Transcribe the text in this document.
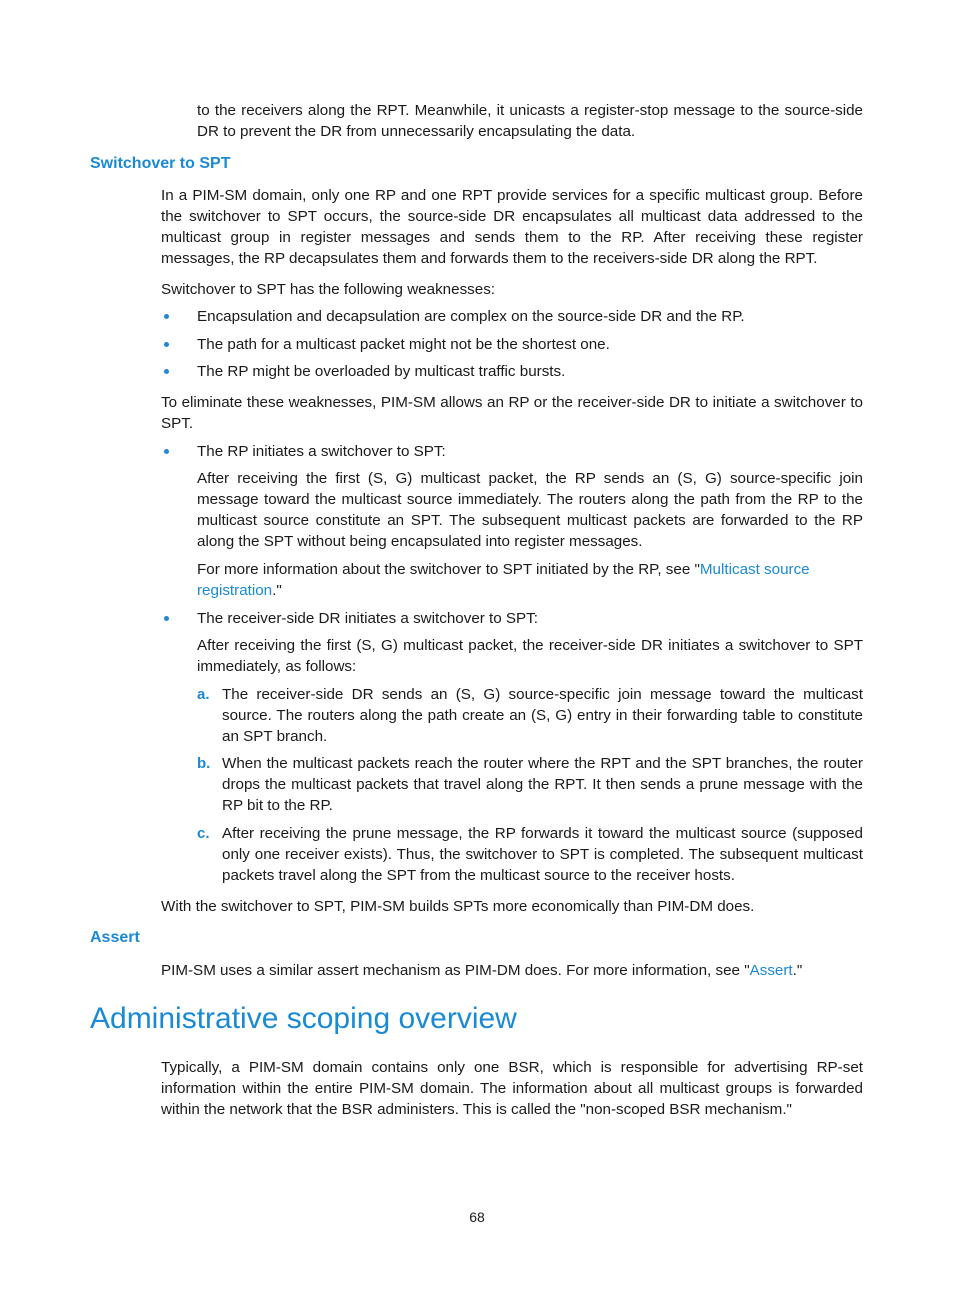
to the receivers along the RPT. Meanwhile, it unicasts a register-stop message to the source-side DR to prevent the DR from unnecessarily encapsulating the data.

Switchover to SPT

In a PIM-SM domain, only one RP and one RPT provide services for a specific multicast group. Before the switchover to SPT occurs, the source-side DR encapsulates all multicast data addressed to the multicast group in register messages and sends them to the RP. After receiving these register messages, the RP decapsulates them and forwards them to the receivers-side DR along the RPT.

Switchover to SPT has the following weaknesses:

Encapsulation and decapsulation are complex on the source-side DR and the RP.

The path for a multicast packet might not be the shortest one.

The RP might be overloaded by multicast traffic bursts.

To eliminate these weaknesses, PIM-SM allows an RP or the receiver-side DR to initiate a switchover to SPT.

The RP initiates a switchover to SPT:

After receiving the first (S, G) multicast packet, the RP sends an (S, G) source-specific join message toward the multicast source immediately. The routers along the path from the RP to the multicast source constitute an SPT. The subsequent multicast packets are forwarded to the RP along the SPT without being encapsulated into register messages.

For more information about the switchover to SPT initiated by the RP, see "Multicast source registration."

The receiver-side DR initiates a switchover to SPT:

After receiving the first (S, G) multicast packet, the receiver-side DR initiates a switchover to SPT immediately, as follows:

a. The receiver-side DR sends an (S, G) source-specific join message toward the multicast source. The routers along the path create an (S, G) entry in their forwarding table to constitute an SPT branch.

b. When the multicast packets reach the router where the RPT and the SPT branches, the router drops the multicast packets that travel along the RPT. It then sends a prune message with the RP bit to the RP.

c. After receiving the prune message, the RP forwards it toward the multicast source (supposed only one receiver exists). Thus, the switchover to SPT is completed. The subsequent multicast packets travel along the SPT from the multicast source to the receiver hosts.

With the switchover to SPT, PIM-SM builds SPTs more economically than PIM-DM does.

Assert

PIM-SM uses a similar assert mechanism as PIM-DM does. For more information, see "Assert."

Administrative scoping overview

Typically, a PIM-SM domain contains only one BSR, which is responsible for advertising RP-set information within the entire PIM-SM domain. The information about all multicast groups is forwarded within the network that the BSR administers. This is called the "non-scoped BSR mechanism."

68
